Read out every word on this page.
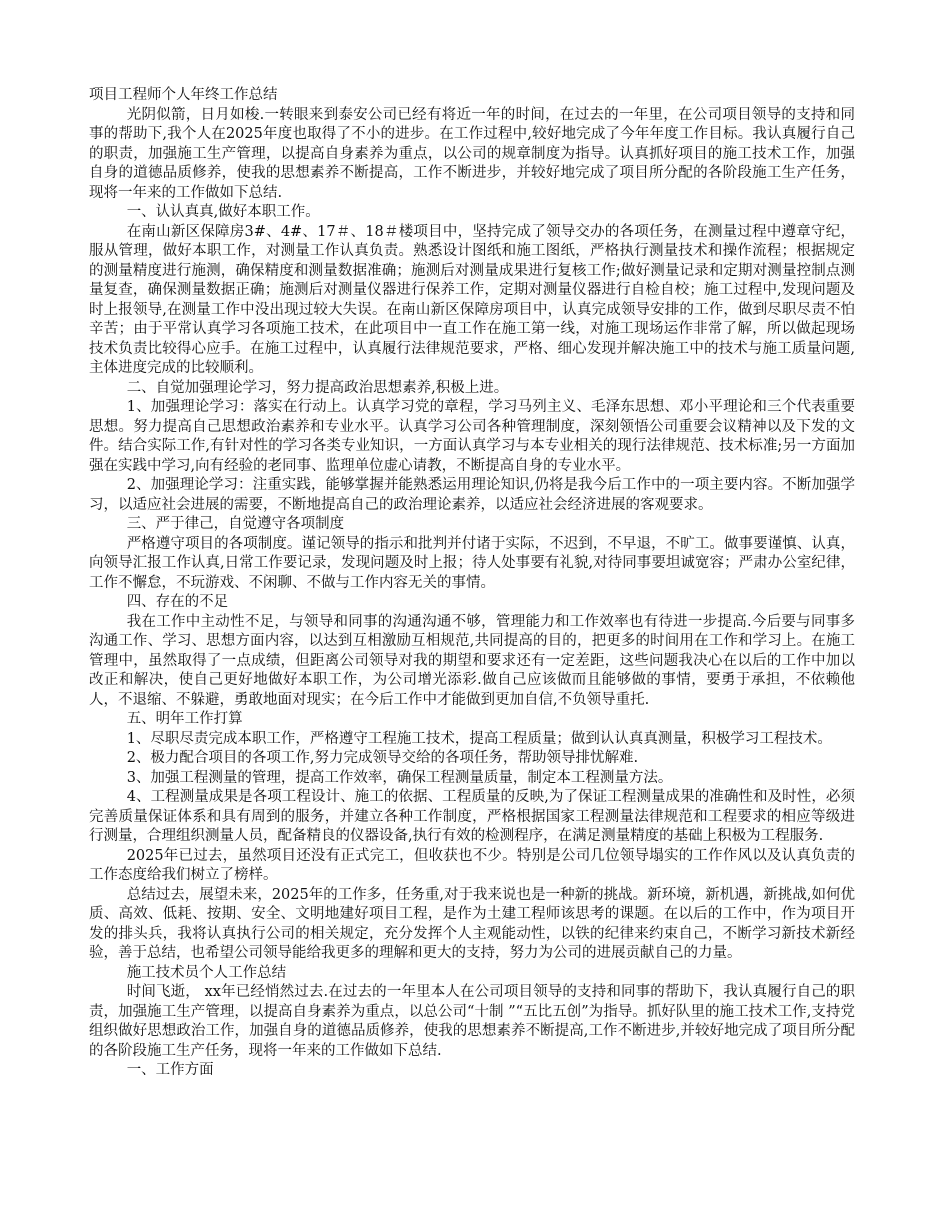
项目工程师个人年终工作总结

光阴似箭，日月如梭.一转眼来到泰安公司已经有将近一年的时间，在过去的一年里，在公司项目领导的支持和同事的帮助下,我个人在2025年度也取得了不小的进步。在工作过程中,较好地完成了今年年度工作目标。我认真履行自己的职责，加强施工生产管理，以提高自身素养为重点，以公司的规章制度为指导。认真抓好项目的施工技术工作，加强自身的道德品质修养，使我的思想素养不断提高，工作不断进步，并较好地完成了项目所分配的各阶段施工生产任务，现将一年来的工作做如下总结.

一、认认真真,做好本职工作。

在南山新区保障房3#、4#、17＃、18＃楼项目中，坚持完成了领导交办的各项任务，在测量过程中遵章守纪，服从管理，做好本职工作，对测量工作认真负责。熟悉设计图纸和施工图纸，严格执行测量技术和操作流程；根据规定的测量精度进行施测，确保精度和测量数据准确；施测后对测量成果进行复核工作;做好测量记录和定期对测量控制点测量复查，确保测量数据正确；施测后对测量仪器进行保养工作，定期对测量仪器进行自检自校；施工过程中,发现问题及时上报领导,在测量工作中没出现过较大失误。在南山新区保障房项目中，认真完成领导安排的工作，做到尽职尽责不怕辛苦；由于平常认真学习各项施工技术，在此项目中一直工作在施工第一线，对施工现场运作非常了解，所以做起现场技术负责比较得心应手。在施工过程中，认真履行法律规范要求，严格、细心发现并解决施工中的技术与施工质量问题,主体进度完成的比较顺利。

二、自觉加强理论学习，努力提高政治思想素养,积极上进。

1、加强理论学习：落实在行动上。认真学习党的章程，学习马列主义、毛泽东思想、邓小平理论和三个代表重要思想。努力提高自己思想政治素养和专业水平。认真学习公司各种管理制度，深刻领悟公司重要会议精神以及下发的文件。结合实际工作,有针对性的学习各类专业知识，一方面认真学习与本专业相关的现行法律规范、技术标准;另一方面加强在实践中学习,向有经验的老同事、监理单位虚心请教，不断提高自身的专业水平。

2、加强理论学习：注重实践，能够掌握并能熟悉运用理论知识,仍将是我今后工作中的一项主要内容。不断加强学习，以适应社会进展的需要，不断地提高自己的政治理论素养，以适应社会经济进展的客观要求。

三、严于律己，自觉遵守各项制度

严格遵守项目的各项制度。谨记领导的指示和批判并付诸于实际，不迟到，不早退，不旷工。做事要谨慎、认真，向领导汇报工作认真,日常工作要记录，发现问题及时上报；待人处事要有礼貌,对待同事要坦诚宽容；严肃办公室纪律，工作不懈怠，不玩游戏、不闲聊、不做与工作内容无关的事情。

四、存在的不足

我在工作中主动性不足，与领导和同事的沟通沟通不够，管理能力和工作效率也有待进一步提高.今后要与同事多沟通工作、学习、思想方面内容，以达到互相激励互相规范,共同提高的目的，把更多的时间用在工作和学习上。在施工管理中，虽然取得了一点成绩，但距离公司领导对我的期望和要求还有一定差距，这些问题我决心在以后的工作中加以改正和解决，使自己更好地做好本职工作，为公司增光添彩.做自己应该做而且能够做的事情，要勇于承担，不依赖他人，不退缩、不躲避，勇敢地面对现实；在今后工作中才能做到更加自信,不负领导重托.

五、明年工作打算

1、尽职尽责完成本职工作，严格遵守工程施工技术，提高工程质量；做到认认真真测量，积极学习工程技术。

2、极力配合项目的各项工作,努力完成领导交给的各项任务，帮助领导排忧解难.

3、加强工程测量的管理，提高工作效率，确保工程测量质量，制定本工程测量方法。

4、工程测量成果是各项工程设计、施工的依据、工程质量的反映,为了保证工程测量成果的准确性和及时性，必须完善质量保证体系和具有周到的服务，并建立各种工作制度，严格根据国家工程测量法律规范和工程要求的相应等级进行测量，合理组织测量人员，配备精良的仪器设备,执行有效的检测程序，在满足测量精度的基础上积极为工程服务.

2025年已过去，虽然项目还没有正式完工，但收获也不少。特别是公司几位领导塌实的工作作风以及认真负责的工作态度给我们树立了榜样。

总结过去，展望未来，2025年的工作多，任务重,对于我来说也是一种新的挑战。新环境，新机遇，新挑战,如何优质、高效、低耗、按期、安全、文明地建好项目工程，是作为土建工程师该思考的课题。在以后的工作中，作为项目开发的排头兵，我将认真执行公司的相关规定，充分发挥个人主观能动性，以铁的纪律来约束自己，不断学习新技术新经验，善于总结，也希望公司领导能给我更多的理解和更大的支持，努力为公司的进展贡献自己的力量。

施工技术员个人工作总结

时间飞逝， xx年已经悄然过去.在过去的一年里本人在公司项目领导的支持和同事的帮助下，我认真履行自己的职责，加强施工生产管理，以提高自身素养为重点，以总公司“十制 ”“五比五创”为指导。抓好队里的施工技术工作,支持党组织做好思想政治工作，加强自身的道德品质修养，使我的思想素养不断提高,工作不断进步,并较好地完成了项目所分配的各阶段施工生产任务，现将一年来的工作做如下总结.

一、工作方面
